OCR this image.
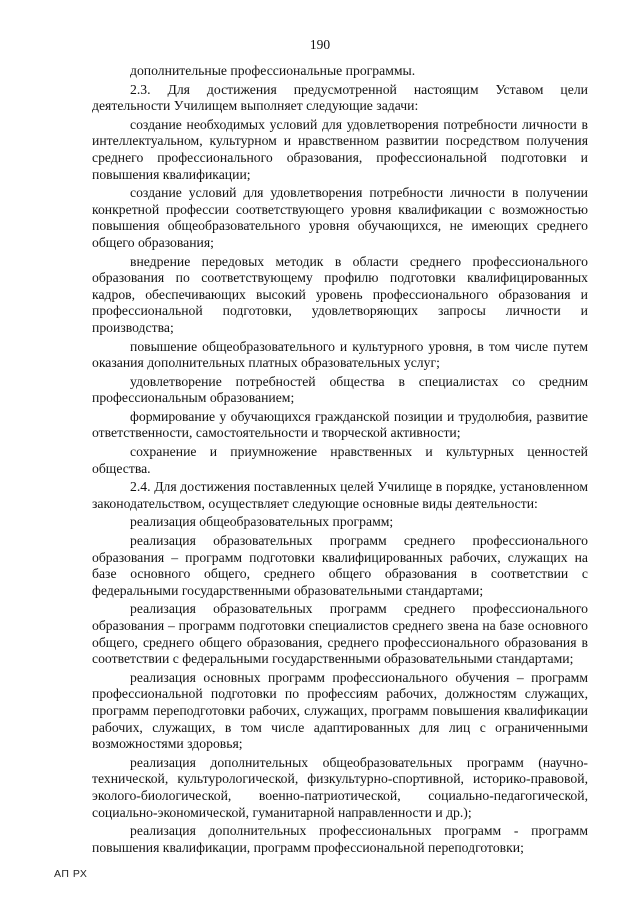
190

дополнительные профессиональные программы.

2.3. Для достижения предусмотренной настоящим Уставом цели деятельности Училищем выполняет следующие задачи:

создание необходимых условий для удовлетворения потребности личности в интеллектуальном, культурном и нравственном развитии посредством получения среднего профессионального образования, профессиональной подготовки и повышения квалификации;

создание условий для удовлетворения потребности личности в получении конкретной профессии соответствующего уровня квалификации с возможностью повышения общеобразовательного уровня обучающихся, не имеющих среднего общего образования;

внедрение передовых методик в области среднего профессионального образования по соответствующему профилю подготовки квалифицированных кадров, обеспечивающих высокий уровень профессионального образования и профессиональной подготовки, удовлетворяющих запросы личности и производства;

повышение общеобразовательного и культурного уровня, в том числе путем оказания дополнительных платных образовательных услуг;

удовлетворение потребностей общества в специалистах со средним профессиональным образованием;

формирование у обучающихся гражданской позиции и трудолюбия, развитие ответственности, самостоятельности и творческой активности;

сохранение и приумножение нравственных и культурных ценностей общества.

2.4. Для достижения поставленных целей Училище в порядке, установленном законодательством, осуществляет следующие основные виды деятельности:

реализация общеобразовательных программ;

реализация образовательных программ среднего профессионального образования – программ подготовки квалифицированных рабочих, служащих на базе основного общего, среднего общего образования в соответствии с федеральными государственными образовательными стандартами;

реализация образовательных программ среднего профессионального образования – программ подготовки специалистов среднего звена на базе основного общего, среднего общего образования, среднего профессионального образования в соответствии с федеральными государственными образовательными стандартами;

реализация основных программ профессионального обучения – программ профессиональной подготовки по профессиям рабочих, должностям служащих, программ переподготовки рабочих, служащих, программ повышения квалификации рабочих, служащих, в том числе адаптированных для лиц с ограниченными возможностями здоровья;

реализация дополнительных общеобразовательных программ (научно-технической, культурологической, физкультурно-спортивной, историко-правовой, эколого-биологической, военно-патриотической, социально-педагогической, социально-экономической, гуманитарной направленности и др.);

реализация дополнительных профессиональных программ - программ повышения квалификации, программ профессиональной переподготовки;

АП РХ
